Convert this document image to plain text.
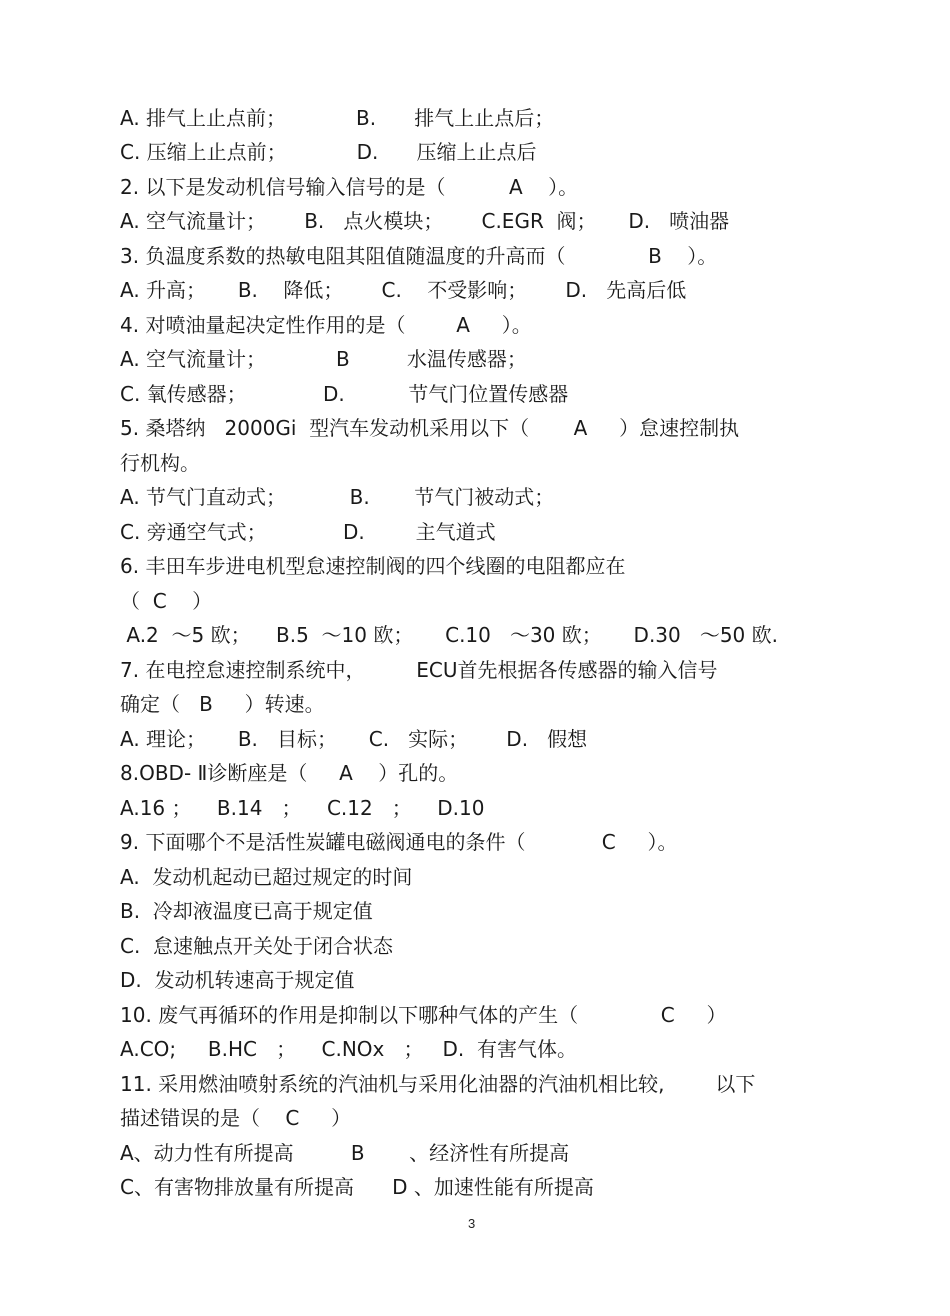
A. 排气上止点前；           B.      排气上止点后；
C. 压缩上止点前；           D.      压缩上止点后
2. 以下是发动机信号输入信号的是（          A    ）。
A. 空气流量计；      B.   点火模块；      C.EGR  阀；     D.   喷油器
3. 负温度系数的热敏电阻其阻值随温度的升高而（             B    ）。
A. 升高；     B.    降低；      C.    不受影响；      D.   先高后低
4. 对喷油量起决定性作用的是（        A     ）。
A. 空气流量计；           B         水温传感器；
C. 氧传感器；            D.          节气门位置传感器
5. 桑塔纳   2000Gi  型汽车发动机采用以下（       A     ）怠速控制执
行机构。
A. 节气门直动式；          B.       节气门被动式；
C. 旁通空气式；            D.        主气道式
6. 丰田车步进电机型怠速控制阀的四个线圈的电阻都应在
（  C    ）
A.2  ～5 欧；    B.5  ～10 欧；     C.10   ～30 欧；     D.30   ～50 欧.
7. 在电控怠速控制系统中，        ECU首先根据各传感器的输入信号
确定（   B     ）转速。
A. 理论；     B.   目标；     C.   实际；      D.   假想
8.OBD- Ⅱ诊断座是（     A    ）孔的。
A.16 ；    B.14   ；    C.12   ；    D.10
9. 下面哪个不是活性炭罐电磁阀通电的条件（            C     ）。
A.  发动机起动已超过规定的时间
B.  冷却液温度已高于规定值
C.  怠速触点开关处于闭合状态
D.  发动机转速高于规定值
10. 废气再循环的作用是抑制以下哪种气体的产生（             C     ）
A.CO;     B.HC   ；    C.NOx   ；   D.  有害气体。
11. 采用燃油喷射系统的汽油机与采用化油器的汽油机相比较,        以下
描述错误的是（    C     ）
A、动力性有所提高         B       、经济性有所提高
C、有害物排放量有所提高      D 、加速性能有所提高
3
